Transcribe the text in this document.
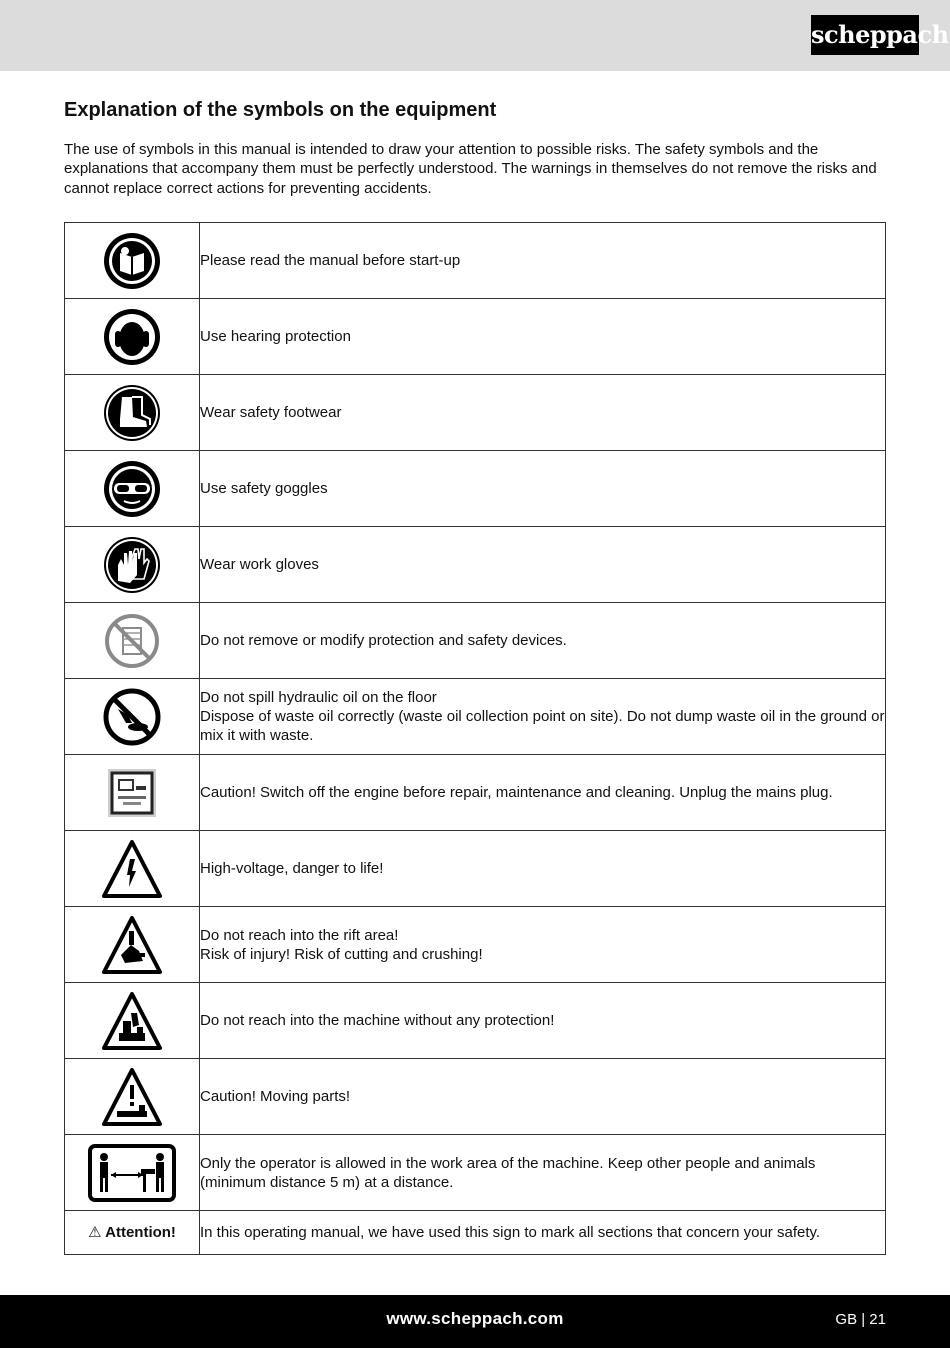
scheppach
Explanation of the symbols on the equipment

The use of symbols in this manual is intended to draw your attention to possible risks. The safety symbols and the explanations that accompany them must be perfectly understood. The warnings in themselves do not remove the risks and cannot replace correct actions for preventing accidents.

Please read the manual before start-up

Use hearing protection

Wear safety footwear

Use safety goggles

Wear work gloves

Do not remove or modify protection and safety devices.

Do not spill hydraulic oil on the floor
Dispose of waste oil correctly (waste oil collection point on site). Do not dump waste oil in the ground or mix it with waste.

Caution! Switch off the engine before repair, maintenance and cleaning. Unplug the mains plug.

High-voltage, danger to life!

Do not reach into the rift area!
Risk of injury! Risk of cutting and crushing!

Do not reach into the machine without any protection!

Caution! Moving parts!

Only the operator is allowed in the work area of the machine. Keep other people and animals (minimum distance 5 m) at a distance.

⚠ Attention!	In this operating manual, we have used this sign to mark all sections that concern your safety.
www.scheppach.com	GB | 21
